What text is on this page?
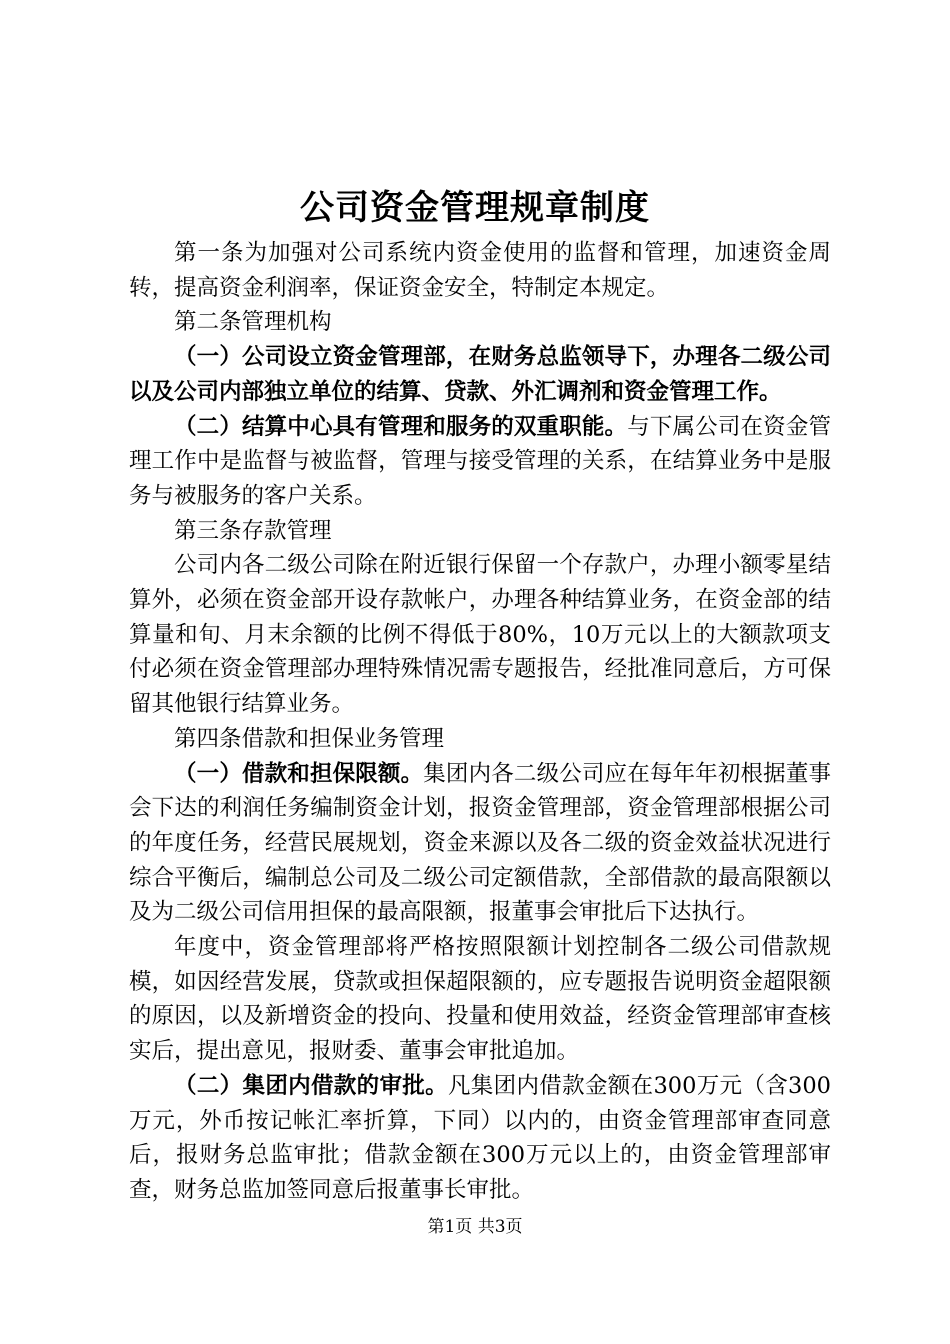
公司资金管理规章制度

第一条为加强对公司系统内资金使用的监督和管理，加速资金周转，提高资金利润率，保证资金安全，特制定本规定。

第二条管理机构

（一）公司设立资金管理部，在财务总监领导下，办理各二级公司以及公司内部独立单位的结算、贷款、外汇调剂和资金管理工作。

（二）结算中心具有管理和服务的双重职能。与下属公司在资金管理工作中是监督与被监督，管理与接受管理的关系，在结算业务中是服务与被服务的客户关系。

第三条存款管理

公司内各二级公司除在附近银行保留一个存款户，办理小额零星结算外，必须在资金部开设存款帐户，办理各种结算业务，在资金部的结算量和旬、月末余额的比例不得低于80%，10万元以上的大额款项支付必须在资金管理部办理特殊情况需专题报告，经批准同意后，方可保留其他银行结算业务。

第四条借款和担保业务管理

（一）借款和担保限额。集团内各二级公司应在每年年初根据董事会下达的利润任务编制资金计划，报资金管理部，资金管理部根据公司的年度任务，经营民展规划，资金来源以及各二级的资金效益状况进行综合平衡后，编制总公司及二级公司定额借款，全部借款的最高限额以及为二级公司信用担保的最高限额，报董事会审批后下达执行。

年度中，资金管理部将严格按照限额计划控制各二级公司借款规模，如因经营发展，贷款或担保超限额的，应专题报告说明资金超限额的原因，以及新增资金的投向、投量和使用效益，经资金管理部审查核实后，提出意见，报财委、董事会审批追加。

（二）集团内借款的审批。凡集团内借款金额在300万元（含300万元，外币按记帐汇率折算，下同）以内的，由资金管理部审查同意后，报财务总监审批；借款金额在300万元以上的，由资金管理部审查，财务总监加签同意后报董事长审批。

第1页 共3页
